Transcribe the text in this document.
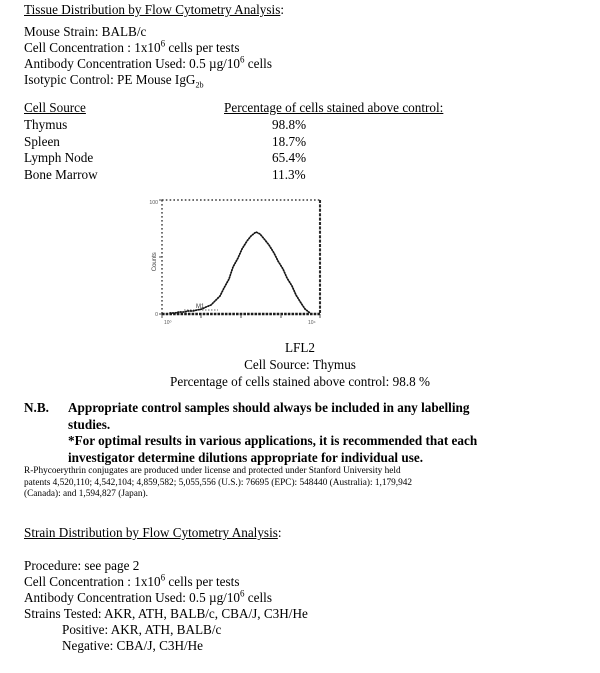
Tissue Distribution by Flow Cytometry Analysis:
Mouse Strain: BALB/c
Cell Concentration : $1x10^6$ cells per tests
Antibody Concentration Used: 0.5 $\mu g/10^6$ cells
Isotypic Control: PE Mouse IgG$_{2b}$
Cell Source	Percentage of cells stained above control:
Thymus	98.8%
Spleen	18.7%
Lymph Node	65.4%
Bone Marrow	11.3%
Counts
100
0
10⁰	10⁴
M1
LFL2
Cell Source: Thymus
Percentage of cells stained above control: 98.8 %
N.B. Appropriate control samples should always be included in any labelling studies.

*For optimal results in various applications, it is recommended that each investigator determine dilutions appropriate for individual use.

R-Phycoerythrin conjugates are produced under license and protected under Stanford University held
patents 4,520,110; 4,542,104; 4,859,582; 5,055,556 (U.S.): 76695 (EPC): 548440 (Australia): 1,179,942
(Canada): and 1,594,827 (Japan).
Strain Distribution by Flow Cytometry Analysis:
Procedure: see page 2
Cell Concentration : $1x10^6$ cells per tests
Antibody Concentration Used: 0.5 $\mu g/10^6$ cells
Strains Tested: AKR, ATH, BALB/c, CBA/J, C3H/He
Positive: AKR, ATH, BALB/c
Negative: CBA/J, C3H/He
